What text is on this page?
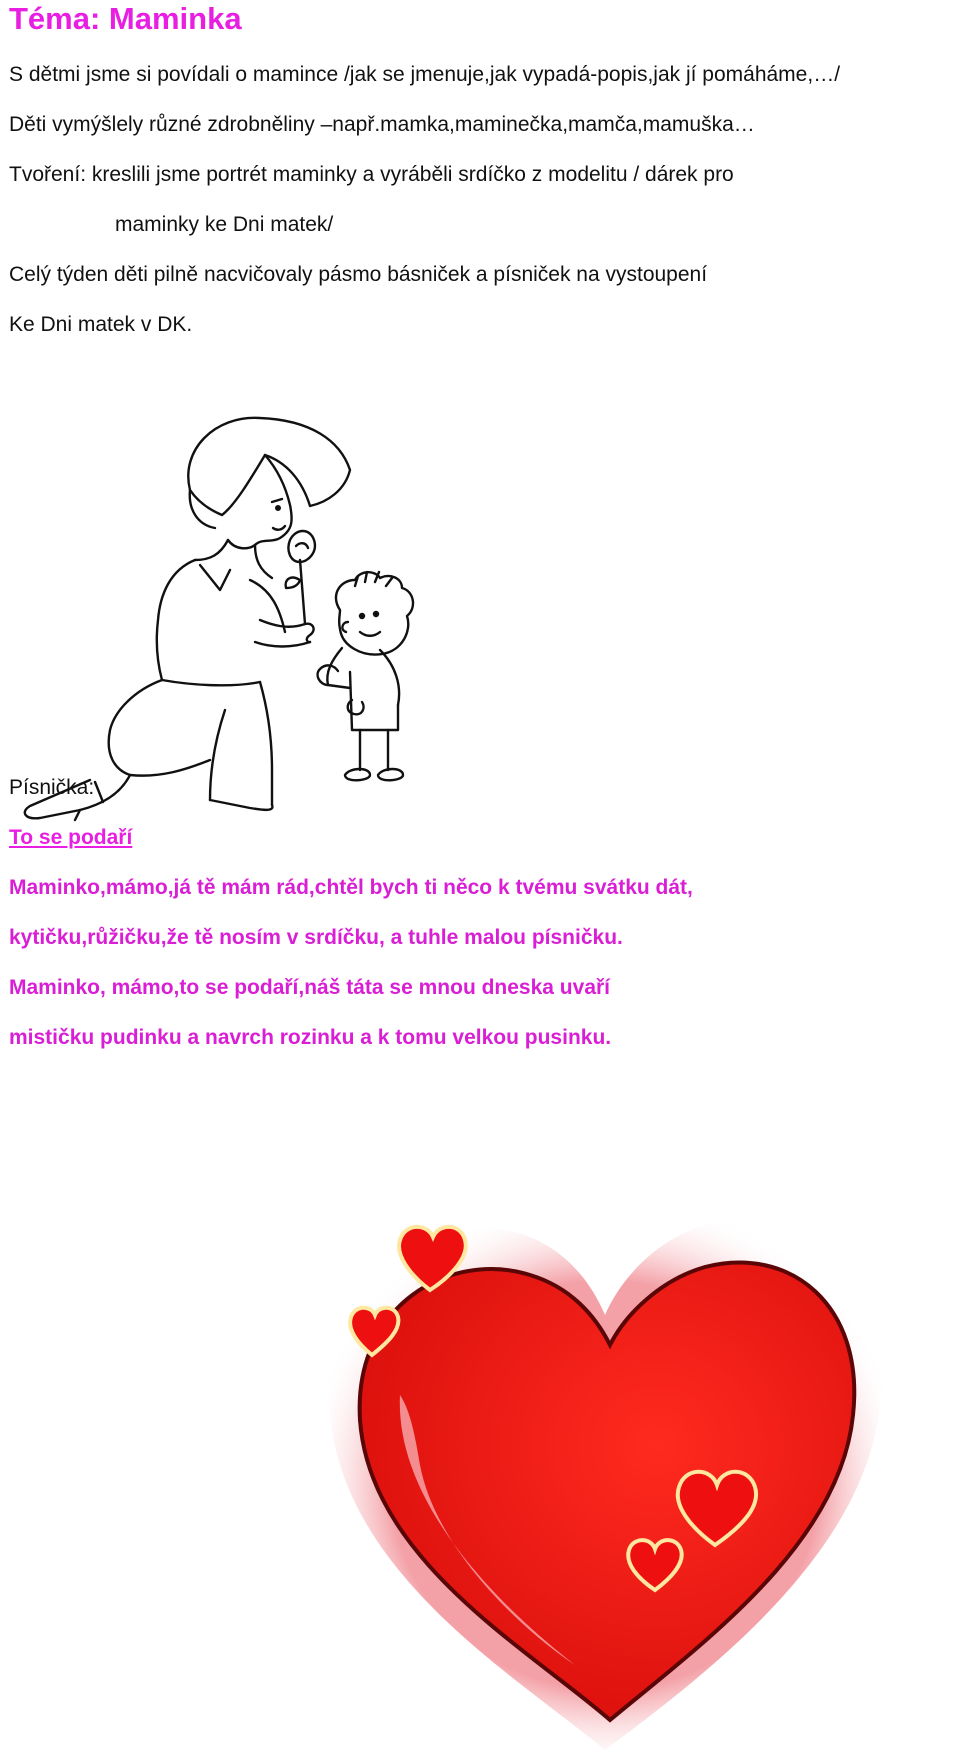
Téma: Maminka

S dětmi jsme si povídali o mamince /jak se jmenuje,jak vypadá-popis,jak jí pomáháme,…/

Děti vymýšlely různé zdrobněliny –např.mamka,maminečka,mamča,mamuška…

Tvoření: kreslili jsme portrét maminky a vyráběli srdíčko z modelitu / dárek pro

maminky ke Dni matek/

Celý týden děti pilně nacvičovaly pásmo básniček a písniček na vystoupení

Ke Dni matek v DK.

Písnička:

To se podaří

Maminko,mámo,já tě mám rád,chtěl bych ti něco k tvému svátku dát,

kytičku,růžičku,že tě nosím v srdíčku, a tuhle malou písničku.

Maminko, mámo,to se podaří,náš táta se mnou dneska uvaří

mističku pudinku a navrch rozinku a k tomu velkou pusinku.
